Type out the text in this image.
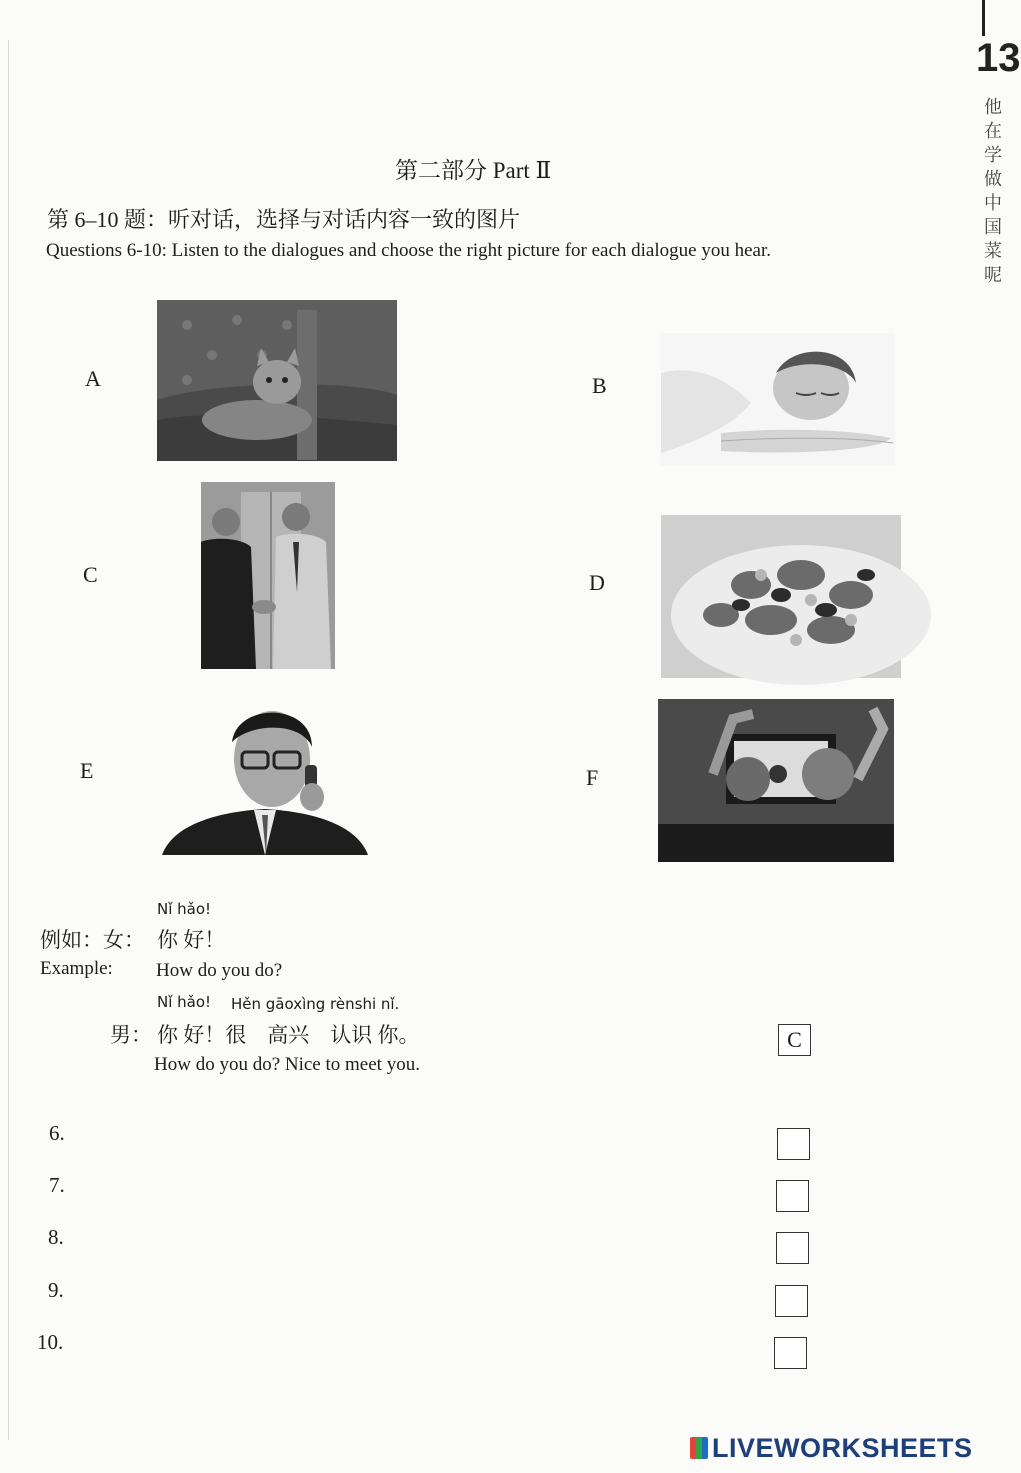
13
他在学做中国菜呢
第二部分 Part Ⅱ
第 6–10 题：听对话，选择与对话内容一致的图片
Questions 6-10: Listen to the dialogues and choose the right picture for each dialogue you hear.
A	B
C	D
E	F
Nǐ hǎo!
例如：女： 你 好！
Example: How do you do?
Nǐ hǎo! Hěn gāoxìng rènshi nǐ.
男： 你 好！很　高兴　认识 你。
How do you do? Nice to meet you.
C
6.
7.
8.
9.
10.
LIVEWORKSHEETS
